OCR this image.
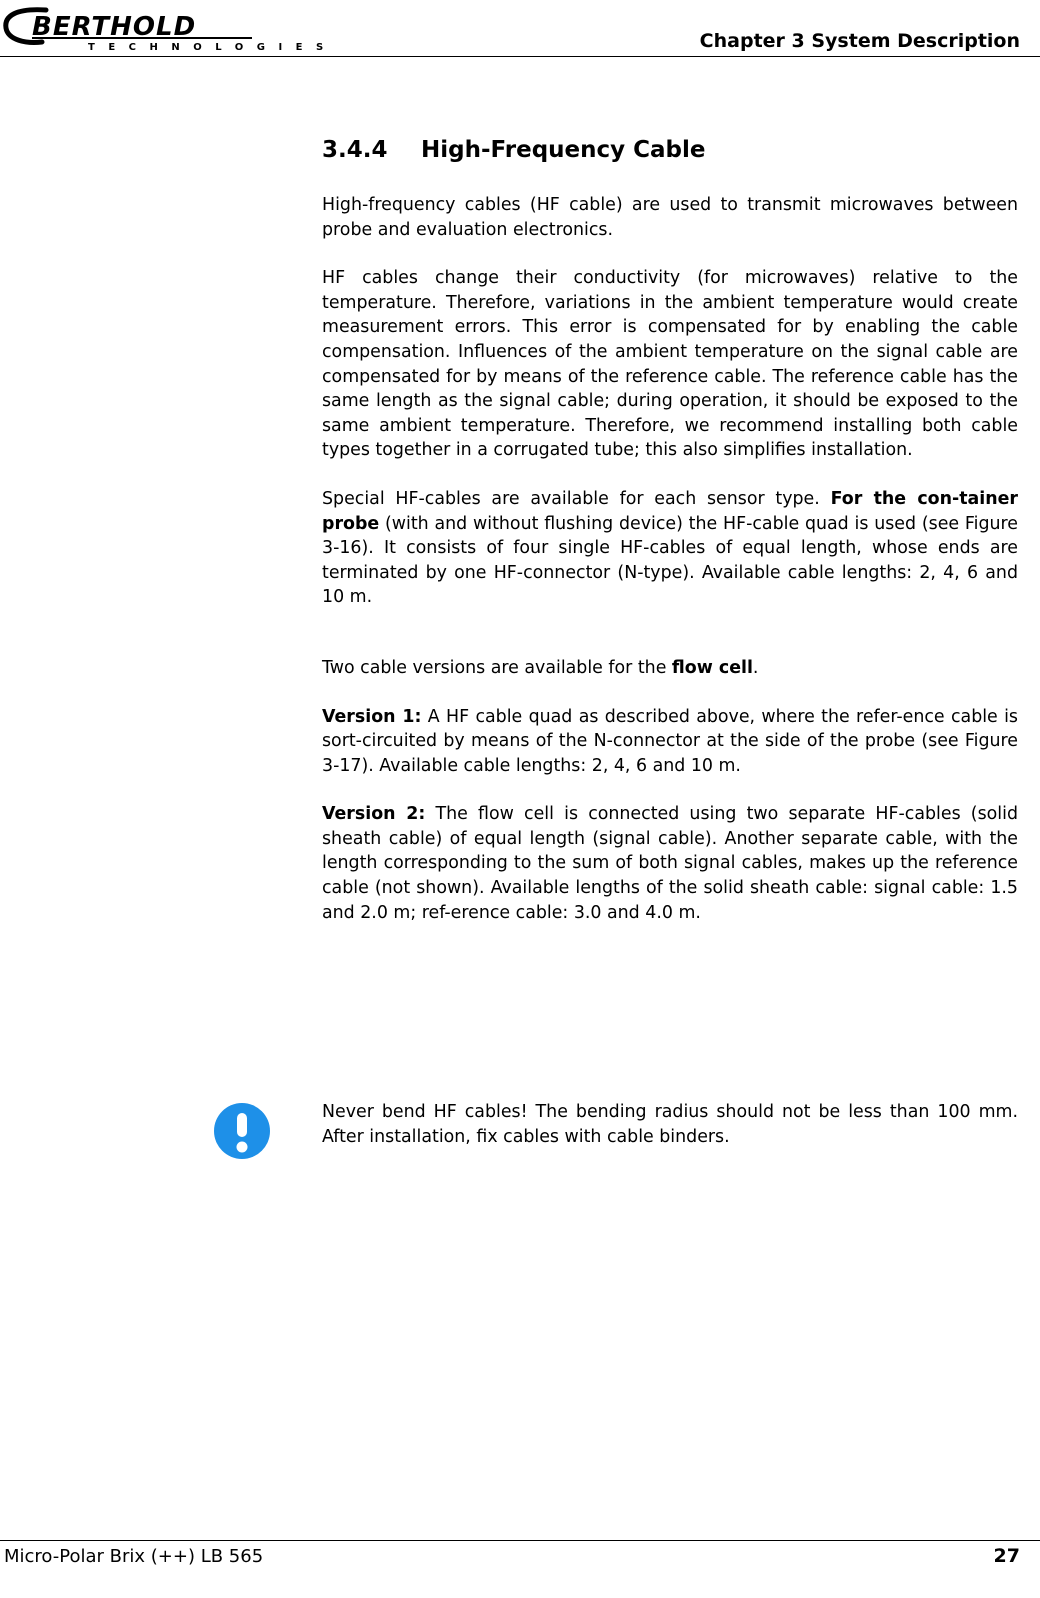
BERTHOLD
TECHNOLOGIES	Chapter 3 System Description
3.4.4 High-Frequency Cable

High-frequency cables (HF cable) are used to transmit microwaves between probe and evaluation electronics.

HF cables change their conductivity (for microwaves) relative to the temperature. Therefore, variations in the ambient temperature would create measurement errors. This error is compensated for by enabling the cable compensation. Influences of the ambient temperature on the signal cable are compensated for by means of the reference cable. The reference cable has the same length as the signal cable; during operation, it should be exposed to the same ambient temperature. Therefore, we recommend installing both cable types together in a corrugated tube; this also simplifies installation.

Special HF-cables are available for each sensor type. For the con-tainer probe (with and without flushing device) the HF-cable quad is used (see Figure 3-16). It consists of four single HF-cables of equal length, whose ends are terminated by one HF-connector (N-type). Available cable lengths: 2, 4, 6 and 10 m.

Two cable versions are available for the flow cell.

Version 1: A HF cable quad as described above, where the refer-ence cable is sort-circuited by means of the N-connector at the side of the probe (see Figure 3-17). Available cable lengths: 2, 4, 6 and 10 m.

Version 2: The flow cell is connected using two separate HF-cables (solid sheath cable) of equal length (signal cable). Another separate cable, with the length corresponding to the sum of both signal cables, makes up the reference cable (not shown). Available lengths of the solid sheath cable: signal cable: 1.5 and 2.0 m; ref-erence cable: 3.0 and 4.0 m.

Never bend HF cables! The bending radius should not be less than 100 mm. After installation, fix cables with cable binders.
Micro-Polar Brix (++) LB 565	27
